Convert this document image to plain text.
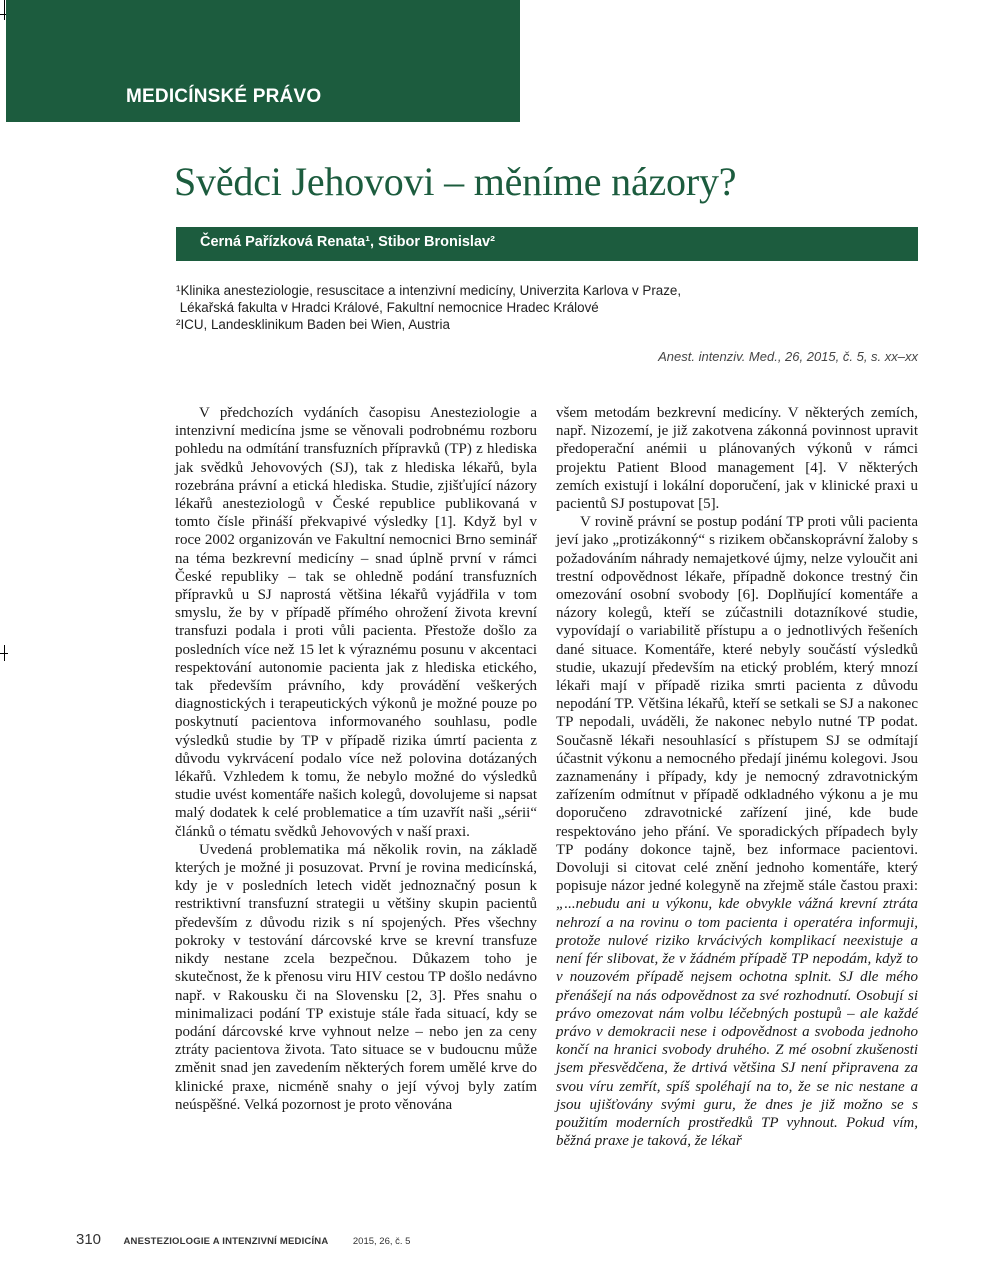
MEDICÍNSKÉ PRÁVO
Svědci Jehovovi – měníme názory?
Černá Pařízková Renata¹, Stibor Bronislav²
¹Klinika anesteziologie, resuscitace a intenzivní medicíny, Univerzita Karlova v Praze,
Lékařská fakulta v Hradci Králové, Fakultní nemocnice Hradec Králové
²ICU, Landesklinikum Baden bei Wien, Austria
Anest. intenziv. Med., 26, 2015, č. 5, s. xx–xx

V předchozích vydáních časopisu Anesteziologie a intenzivní medicína jsme se věnovali podrobnému rozboru pohledu na odmítání transfuzních přípravků (TP) z hlediska jak svědků Jehovových (SJ), tak z hlediska lékařů, byla rozebrána právní a etická hlediska. Studie, zjišťující názory lékařů anesteziologů v České republice publikovaná v tomto čísle přináší překvapivé výsledky [1]. Když byl v roce 2002 organizován ve Fakultní nemocnici Brno seminář na téma bezkrevní medicíny – snad úplně první v rámci České republiky – tak se ohledně podání transfuzních přípravků u SJ naprostá většina lékařů vyjádřila v tom smyslu, že by v případě přímého ohrožení života krevní transfuzi podala i proti vůli pacienta. Přestože došlo za posledních více než 15 let k výraznému posunu v akcentaci respektování autonomie pacienta jak z hlediska etického, tak především právního, kdy provádění veškerých diagnostických i terapeutických výkonů je možné pouze po poskytnutí pacientova informovaného souhlasu, podle výsledků studie by TP v případě rizika úmrtí pacienta z důvodu vykrvácení podalo více než polovina dotázaných lékařů. Vzhledem k tomu, že nebylo možné do výsledků studie uvést komentáře našich kolegů, dovolujeme si napsat malý dodatek k celé problematice a tím uzavřít naši „sérii“ článků o tématu svědků Jehovových v naší praxi.

Uvedená problematika má několik rovin, na základě kterých je možné ji posuzovat. První je rovina medicínská, kdy je v posledních letech vidět jednoznačný posun k restriktivní transfuzní strategii u většiny skupin pacientů především z důvodu rizik s ní spojených. Přes všechny pokroky v testování dárcovské krve se krevní transfuze nikdy nestane zcela bezpečnou. Důkazem toho je skutečnost, že k přenosu viru HIV cestou TP došlo nedávno např. v Rakousku či na Slovensku [2, 3]. Přes snahu o minimalizaci podání TP existuje stále řada situací, kdy se podání dárcovské krve vyhnout nelze – nebo jen za ceny ztráty pacientova života. Tato situace se v budoucnu může změnit snad jen zavedením některých forem umělé krve do klinické praxe, nicméně snahy o její vývoj byly zatím neúspěšné. Velká pozornost je proto věnována

všem metodám bezkrevní medicíny. V některých zemích, např. Nizozemí, je již zakotvena zákonná povinnost upravit předoperační anémii u plánovaných výkonů v rámci projektu Patient Blood management [4]. V některých zemích existují i lokální doporučení, jak v klinické praxi u pacientů SJ postupovat [5].

V rovině právní se postup podání TP proti vůli pacienta jeví jako „protizákonný“ s rizikem občanskoprávní žaloby s požadováním náhrady nemajetkové újmy, nelze vyloučit ani trestní odpovědnost lékaře, případně dokonce trestný čin omezování osobní svobody [6]. Doplňující komentáře a názory kolegů, kteří se zúčastnili dotazníkové studie, vypovídají o variabilitě přístupu a o jednotlivých řešeních dané situace. Komentáře, které nebyly součástí výsledků studie, ukazují především na etický problém, který mnozí lékaři mají v případě rizika smrti pacienta z důvodu nepodání TP. Většina lékařů, kteří se setkali se SJ a nakonec TP nepodali, uváděli, že nakonec nebylo nutné TP podat. Současně lékaři nesouhlasící s přístupem SJ se odmítají účastnit výkonu a nemocného předají jinému kolegovi. Jsou zaznamenány i případy, kdy je nemocný zdravotnickým zařízením odmítnut v případě odkladného výkonu a je mu doporučeno zdravotnické zařízení jiné, kde bude respektováno jeho přání. Ve sporadických případech byly TP podány dokonce tajně, bez informace pacientovi. Dovoluji si citovat celé znění jednoho komentáře, který popisuje názor jedné kolegyně na zřejmě stále častou praxi: „...nebudu ani u výkonu, kde obvykle vážná krevní ztráta nehrozí a na rovinu o tom pacienta i operatéra informuji, protože nulové riziko krvácivých komplikací neexistuje a není fér slibovat, že v žádném případě TP nepodám, když to v nouzovém případě nejsem ochotna splnit. SJ dle mého přenášejí na nás odpovědnost za své rozhodnutí. Osobují si právo omezovat nám volbu léčebných postupů – ale každé právo v demokracii nese i odpovědnost a svoboda jednoho končí na hranici svobody druhého. Z mé osobní zkušenosti jsem přesvědčena, že drtivá většina SJ není připravena za svou víru zemřít, spíš spoléhají na to, že se nic nestane a jsou ujišťovány svými guru, že dnes je již možno se s použitím moderních prostředků TP vyhnout. Pokud vím, běžná praxe je taková, že lékař

310 ANESTEZIOLOGIE A INTENZIVNÍ MEDICÍNA	2015, 26, č. 5
